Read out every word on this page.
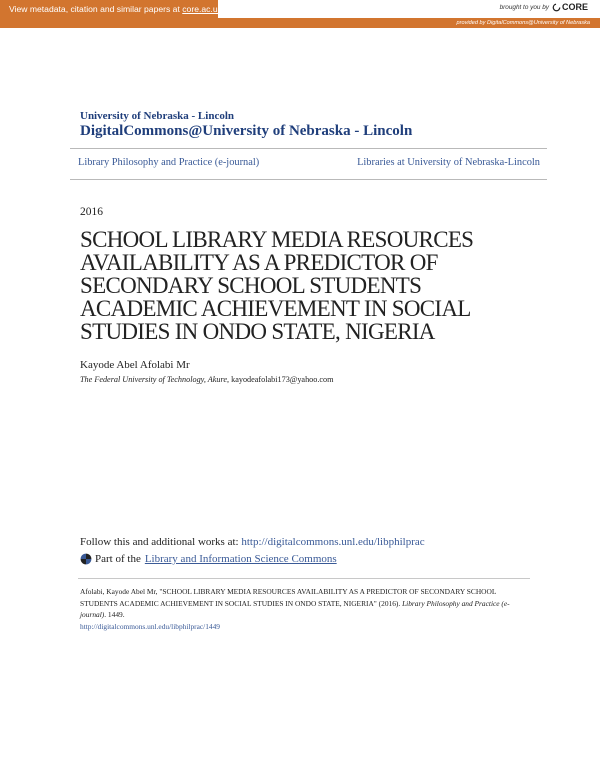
View metadata, citation and similar papers at core.ac.uk	brought to you by CORE
provided by DigitalCommons@University of Nebraska
University of Nebraska - Lincoln
DigitalCommons@University of Nebraska - Lincoln
Library Philosophy and Practice (e-journal)	Libraries at University of Nebraska-Lincoln
2016
SCHOOL LIBRARY MEDIA RESOURCES AVAILABILITY AS A PREDICTOR OF SECONDARY SCHOOL STUDENTS ACADEMIC ACHIEVEMENT IN SOCIAL STUDIES IN ONDO STATE, NIGERIA
Kayode Abel Afolabi Mr
The Federal University of Technology, Akure, kayodeafolabi173@yahoo.com
Follow this and additional works at: http://digitalcommons.unl.edu/libphilprac
Part of the Library and Information Science Commons
Afolabi, Kayode Abel Mr, "SCHOOL LIBRARY MEDIA RESOURCES AVAILABILITY AS A PREDICTOR OF SECONDARY SCHOOL STUDENTS ACADEMIC ACHIEVEMENT IN SOCIAL STUDIES IN ONDO STATE, NIGERIA" (2016). Library Philosophy and Practice (e-journal). 1449.
http://digitalcommons.unl.edu/libphilprac/1449
